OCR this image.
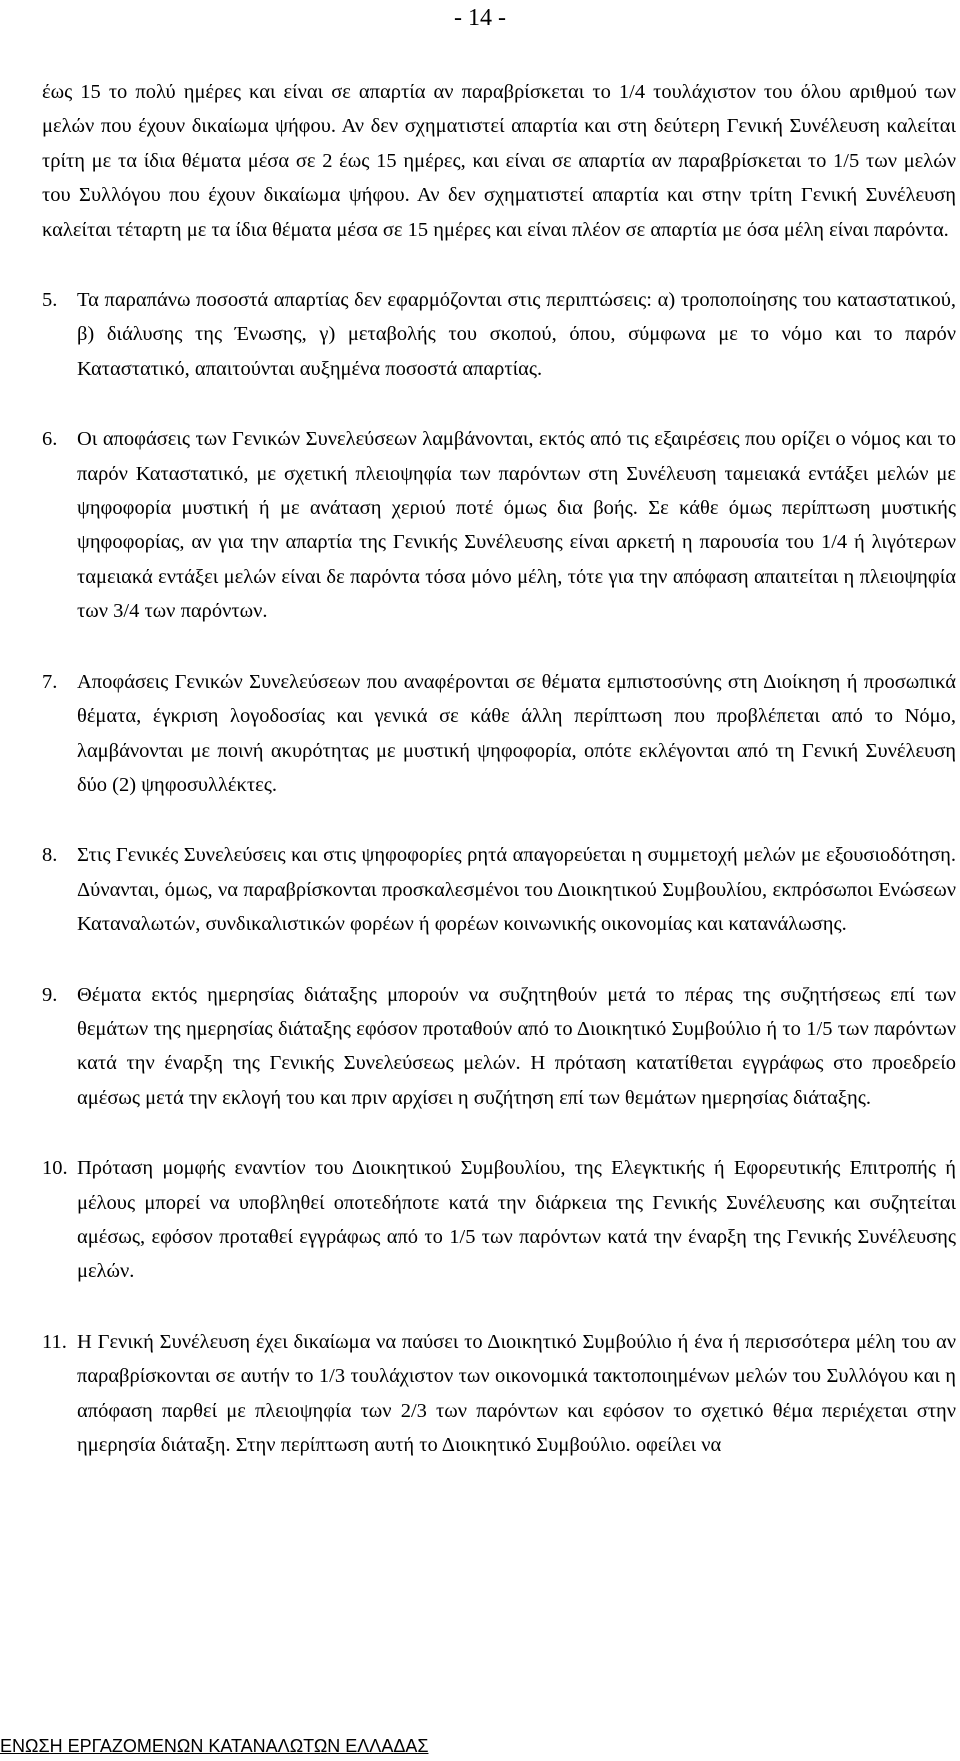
- 14 -

έως 15 το πολύ ημέρες και είναι σε απαρτία αν παραβρίσκεται το 1/4 τουλάχιστον του όλου αριθμού των μελών που έχουν δικαίωμα ψήφου. Αν δεν σχηματιστεί απαρτία και στη δεύτερη Γενική Συνέλευση καλείται τρίτη με τα ίδια θέματα μέσα σε 2 έως 15 ημέρες, και είναι σε απαρτία αν παραβρίσκεται το 1/5 των μελών του Συλλόγου που έχουν δικαίωμα ψήφου. Αν δεν σχηματιστεί απαρτία και στην τρίτη Γενική Συνέλευση καλείται τέταρτη με τα ίδια θέματα μέσα σε 15 ημέρες και είναι πλέον σε απαρτία με όσα μέλη είναι παρόντα.

5. Τα παραπάνω ποσοστά απαρτίας δεν εφαρμόζονται στις περιπτώσεις: α) τροποποίησης του καταστατικού, β) διάλυσης της Ένωσης, γ) μεταβολής του σκοπού, όπου, σύμφωνα με το νόμο και το παρόν Καταστατικό, απαιτούνται αυξημένα ποσοστά απαρτίας.
6. Οι αποφάσεις των Γενικών Συνελεύσεων λαμβάνονται, εκτός από τις εξαιρέσεις που ορίζει ο νόμος και το παρόν Καταστατικό, με σχετική πλειοψηφία των παρόντων στη Συνέλευση ταμειακά εντάξει μελών με ψηφοφορία μυστική ή με ανάταση χεριού ποτέ όμως δια βοής. Σε κάθε όμως περίπτωση μυστικής ψηφοφορίας, αν για την απαρτία της Γενικής Συνέλευσης είναι αρκετή η παρουσία του 1/4 ή λιγότερων ταμειακά εντάξει μελών είναι δε παρόντα τόσα μόνο μέλη, τότε για την απόφαση απαιτείται η πλειοψηφία των 3/4 των παρόντων.
7. Αποφάσεις Γενικών Συνελεύσεων που αναφέρονται σε θέματα εμπιστοσύνης στη Διοίκηση ή προσωπικά θέματα, έγκριση λογοδοσίας και γενικά σε κάθε άλλη περίπτωση που προβλέπεται από το Νόμο, λαμβάνονται με ποινή ακυρότητας με μυστική ψηφοφορία, οπότε εκλέγονται από τη Γενική Συνέλευση δύο (2) ψηφοσυλλέκτες.
8. Στις Γενικές Συνελεύσεις και στις ψηφοφορίες ρητά απαγορεύεται η συμμετοχή μελών με εξουσιοδότηση. Δύνανται, όμως, να παραβρίσκονται προσκαλεσμένοι του Διοικητικού Συμβουλίου, εκπρόσωποι Ενώσεων Καταναλωτών, συνδικαλιστικών φορέων ή φορέων κοινωνικής οικονομίας και κατανάλωσης.
9. Θέματα εκτός ημερησίας διάταξης μπορούν να συζητηθούν μετά το πέρας της συζητήσεως επί των θεμάτων της ημερησίας διάταξης εφόσον προταθούν από το Διοικητικό Συμβούλιο ή το 1/5 των παρόντων κατά την έναρξη της Γενικής Συνελεύσεως μελών. Η πρόταση κατατίθεται εγγράφως στο προεδρείο αμέσως μετά την εκλογή του και πριν αρχίσει η συζήτηση επί των θεμάτων ημερησίας διάταξης.
10. Πρόταση μομφής εναντίον του Διοικητικού Συμβουλίου, της Ελεγκτικής ή Εφορευτικής Επιτροπής ή μέλους μπορεί να υποβληθεί οποτεδήποτε κατά την διάρκεια της Γενικής Συνέλευσης και συζητείται αμέσως, εφόσον προταθεί εγγράφως από το 1/5 των παρόντων κατά την έναρξη της Γενικής Συνέλευσης μελών.
11. Η Γενική Συνέλευση έχει δικαίωμα να παύσει το Διοικητικό Συμβούλιο ή ένα ή περισσότερα μέλη του αν παραβρίσκονται σε αυτήν το 1/3 τουλάχιστον των οικονομικά τακτοποιημένων μελών του Συλλόγου και η απόφαση παρθεί με πλειοψηφία των 2/3 των παρόντων και εφόσον το σχετικό θέμα περιέχεται στην ημερησία διάταξη. Στην περίπτωση αυτή το Διοικητικό Συμβούλιο. οφείλει να
ΕΝΩΣΗ ΕΡΓΑΖΟΜΕΝΩΝ ΚΑΤΑΝΑΛΩΤΩΝ ΕΛΛΑΔΑΣ
